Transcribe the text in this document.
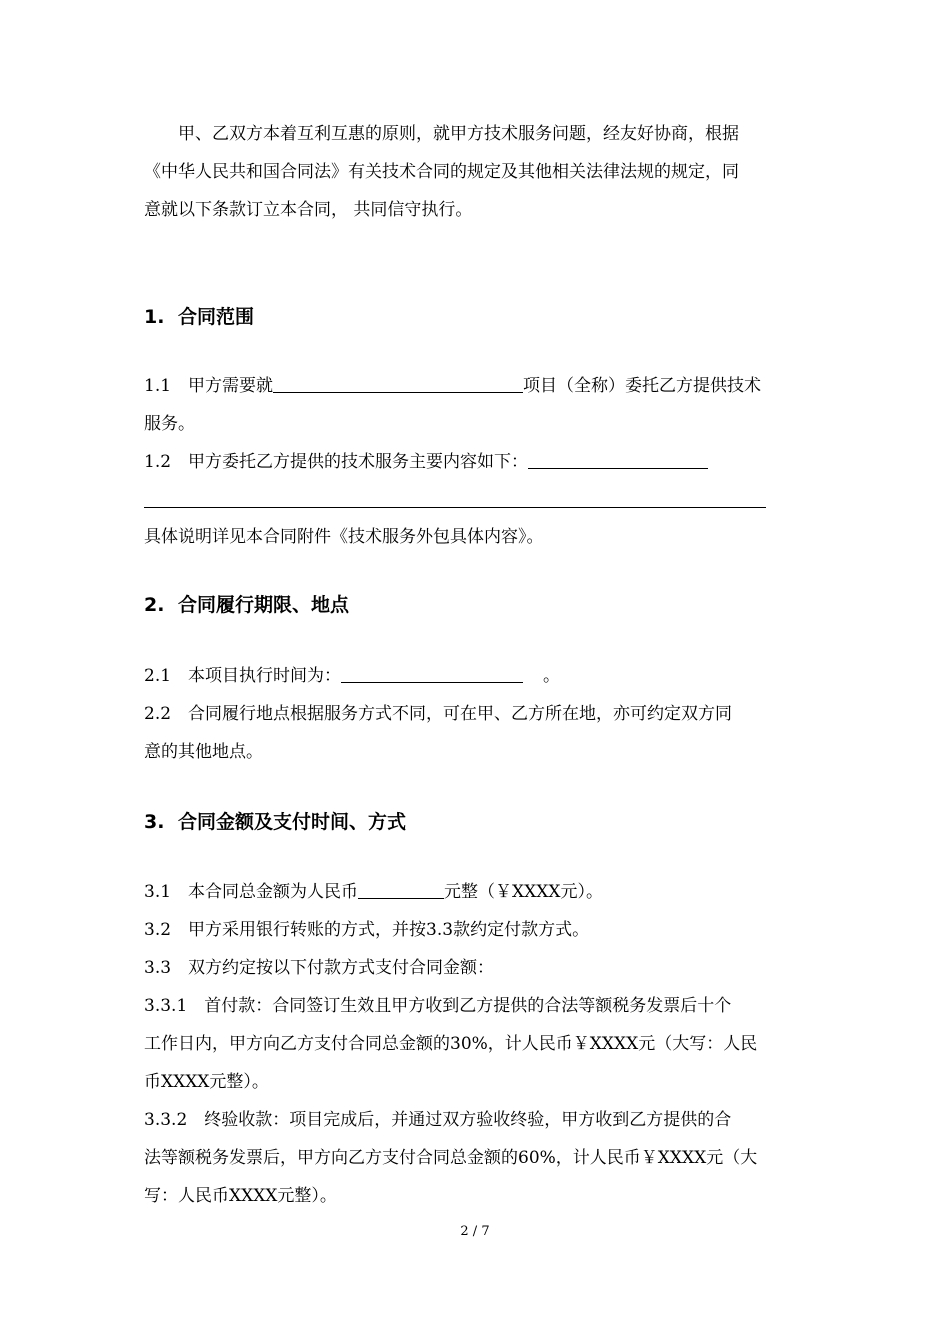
甲、乙双方本着互利互惠的原则，就甲方技术服务问题，经友好协商，根据
《中华人民共和国合同法》有关技术合同的规定及其他相关法律法规的规定，同
意就以下条款订立本合同， 共同信守执行。
1. 合同范围
1.1　甲方需要就	项目（全称）委托乙方提供技术
服务。
1.2　甲方委托乙方提供的技术服务主要内容如下：
具体说明详见本合同附件《技术服务外包具体内容》。
2. 合同履行期限、地点
2.1　本项目执行时间为：	。
2.2　合同履行地点根据服务方式不同，可在甲、乙方所在地，亦可约定双方同
意的其他地点。
3. 合同金额及支付时间、方式
3.1　本合同总金额为人民币	元整（￥XXXX元）。
3.2　甲方采用银行转账的方式，并按3.3款约定付款方式。
3.3　双方约定按以下付款方式支付合同金额：
3.3.1　首付款：合同签订生效且甲方收到乙方提供的合法等额税务发票后十个
工作日内，甲方向乙方支付合同总金额的30%，计人民币￥XXXX元（大写：人民
币XXXX元整）。
3.3.2　终验收款：项目完成后，并通过双方验收终验，甲方收到乙方提供的合
法等额税务发票后，甲方向乙方支付合同总金额的60%，计人民币￥XXXX元（大
写：人民币XXXX元整）。
2 / 7
